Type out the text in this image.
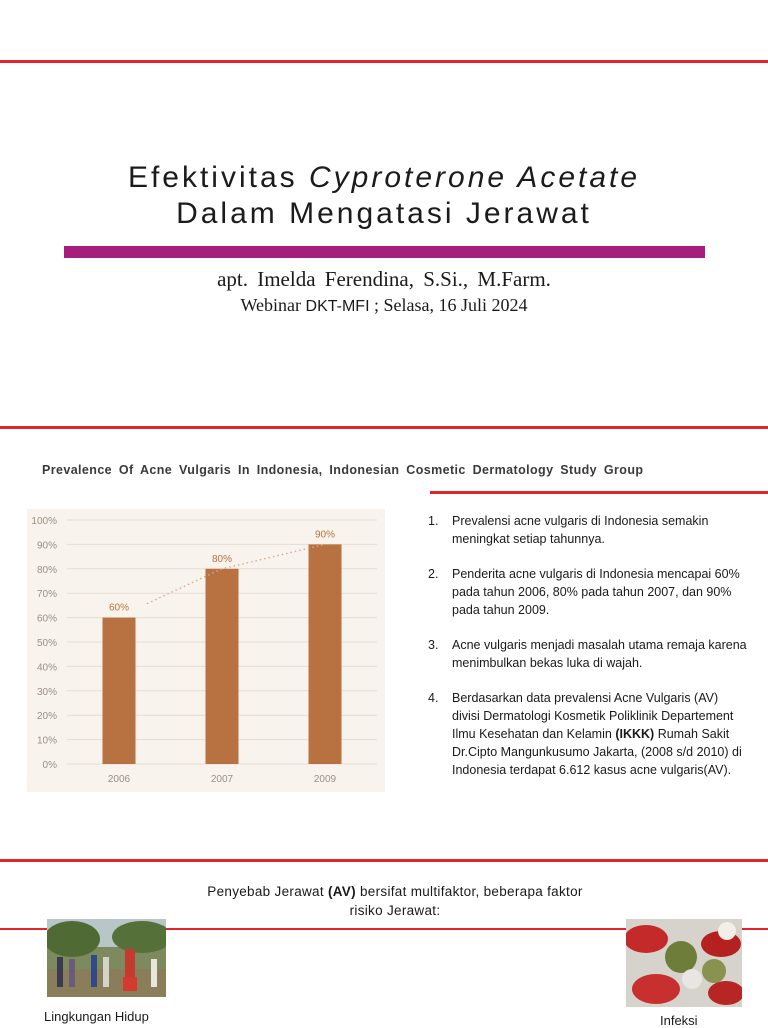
Efektivitas Cyproterone Acetate
Dalam Mengatasi Jerawat
apt. Imelda Ferendina, S.Si., M.Farm.
Webinar DKT-MFI ; Selasa, 16 Juli 2024
Prevalence Of Acne Vulgaris In Indonesia, Indonesian Cosmetic Dermatology Study Group
0%
10%
20%
30%
40%
50%
60%
70%
80%
90%
100%
60%
2006
80%
2007
90%
2009
1. Prevalensi acne vulgaris di Indonesia semakin meningkat setiap tahunnya.
2. Penderita acne vulgaris di Indonesia mencapai 60% pada tahun 2006, 80% pada tahun 2007, dan 90% pada tahun 2009.
3. Acne vulgaris menjadi masalah utama remaja karena menimbulkan bekas luka di wajah.
4. Berdasarkan data prevalensi Acne Vulgaris (AV) divisi Dermatologi Kosmetik Poliklinik Departement Ilmu Kesehatan dan Kelamin (IKKK) Rumah Sakit Dr.Cipto Mangunkusumo Jakarta, (2008 s/d 2010) di Indonesia terdapat 6.612 kasus acne vulgaris(AV).
Penyebab Jerawat (AV) bersifat multifaktor, beberapa faktor risiko Jerawat:
Lingkungan Hidup	Infeksi
